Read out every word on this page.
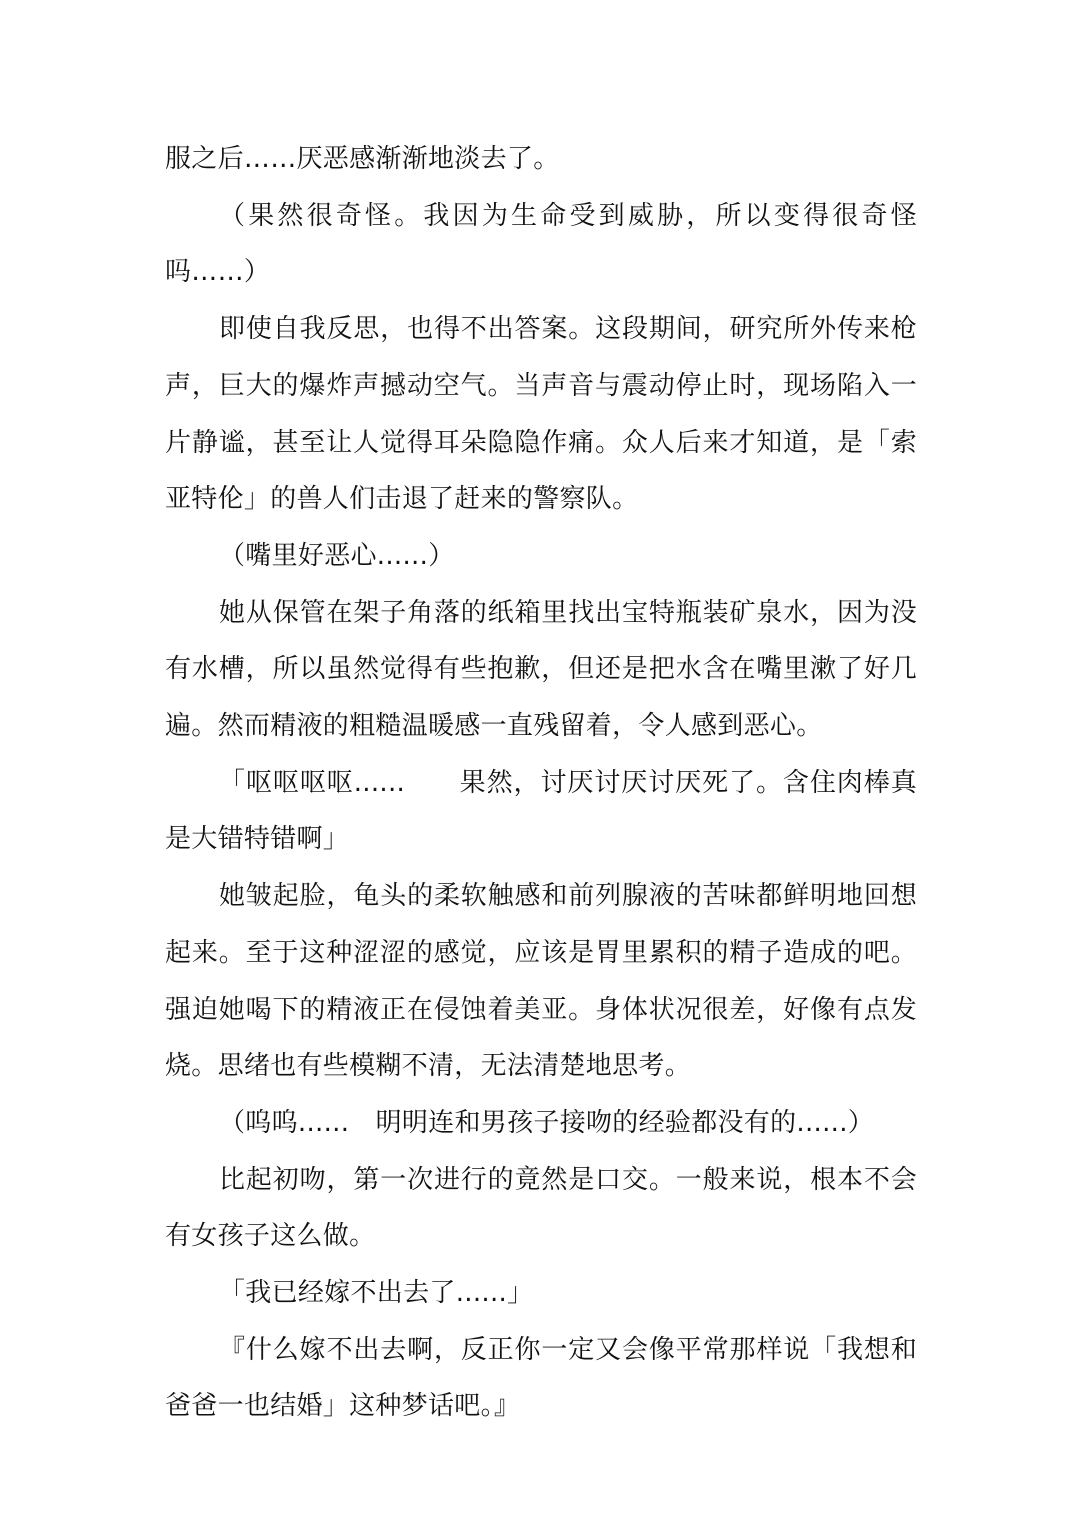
服之后……厌恶感渐渐地淡去了。

（果然很奇怪。我因为生命受到威胁，所以变得很奇怪吗……）

即使自我反思，也得不出答案。这段期间，研究所外传来枪声，巨大的爆炸声撼动空气。当声音与震动停止时，现场陷入一片静谧，甚至让人觉得耳朵隐隐作痛。众人后来才知道，是「索亚特伦」的兽人们击退了赶来的警察队。

（嘴里好恶心......）

她从保管在架子角落的纸箱里找出宝特瓶装矿泉水，因为没有水槽，所以虽然觉得有些抱歉，但还是把水含在嘴里漱了好几遍。然而精液的粗糙温暖感一直残留着，令人感到恶心。

「呕呕呕呕......　　果然，讨厌讨厌讨厌死了。含住肉棒真是大错特错啊」

她皱起脸，龟头的柔软触感和前列腺液的苦味都鲜明地回想起来。至于这种涩涩的感觉，应该是胃里累积的精子造成的吧。强迫她喝下的精液正在侵蚀着美亚。身体状况很差，好像有点发烧。思绪也有些模糊不清，无法清楚地思考。

（呜呜......　明明连和男孩子接吻的经验都没有的......）

比起初吻，第一次进行的竟然是口交。一般来说，根本不会有女孩子这么做。

「我已经嫁不出去了......」

『什么嫁不出去啊，反正你一定又会像平常那样说「我想和爸爸一也结婚」这种梦话吧。』
